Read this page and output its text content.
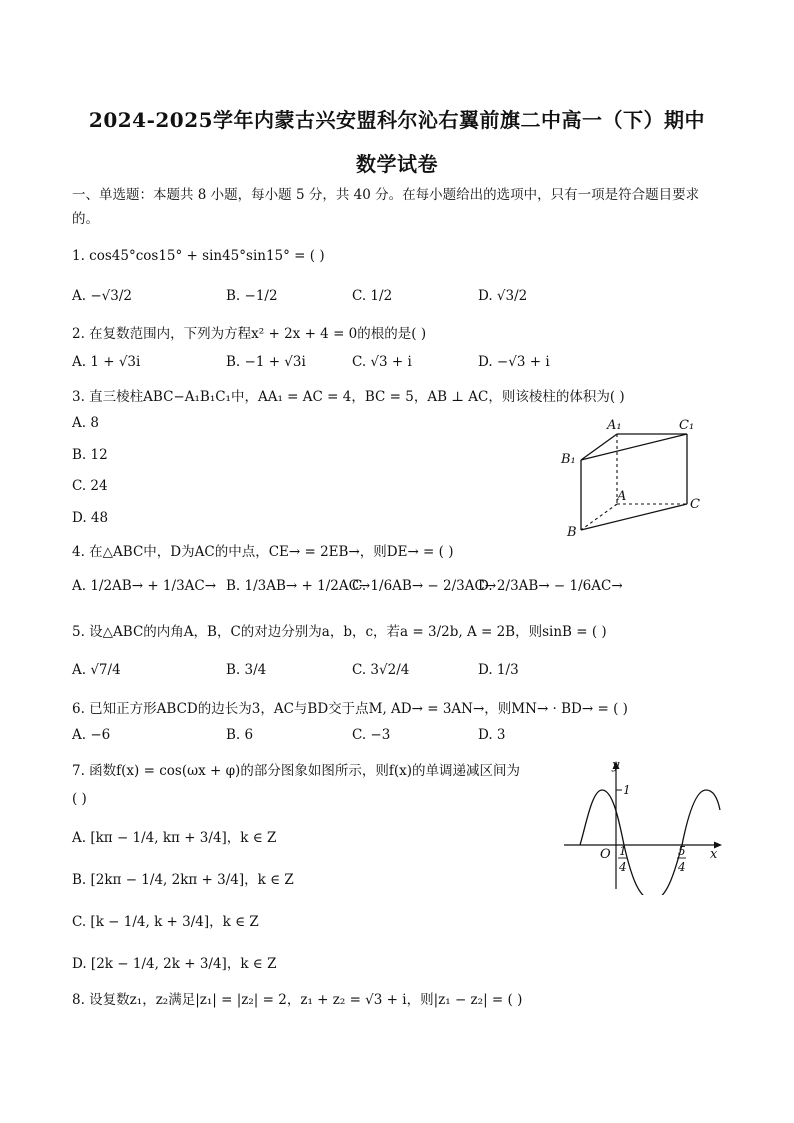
2024-2025学年内蒙古兴安盟科尔沁右翼前旗二中高一（下）期中
数学试卷
一、单选题：本题共 8 小题，每小题 5 分，共 40 分。在每小题给出的选项中，只有一项是符合题目要求的。
1. cos45°cos15° + sin45°sin15° = ( )
A. −√3/2	B. −1/2	C. 1/2	D. √3/2
2. 在复数范围内，下列为方程x² + 2x + 4 = 0的根的是( )
A. 1 + √3i	B. −1 + √3i	C. √3 + i	D. −√3 + i
3. 直三棱柱ABC−A₁B₁C₁中，AA₁ = AC = 4，BC = 5，AB ⊥ AC，则该棱柱的体积为( )
A. 8
B. 12
C. 24
D. 48
A₁	C₁
B₁
A
C
B
4. 在△ABC中，D为AC的中点，CE→ = 2EB→，则DE→ = ( )
A. 1/2AB→ + 1/3AC→ B. 1/3AB→ + 1/2AC→
C. 1/6AB→ − 2/3AC→
D. 2/3AB→ − 1/6AC→
5. 设△ABC的内角A，B，C的对边分别为a，b，c，若a = 3/2b, A = 2B，则sinB = ( )
A. √7/4	B. 3/4	C. 3√2/4	D. 1/3
6. 已知正方形ABCD的边长为3，AC与BD交于点M, AD→ = 3AN→，则MN→ · BD→ = ( )
A. −6	B. 6	C. −3	D. 3
7. 函数f(x) = cos(ωx + φ)的部分图象如图所示，则f(x)的单调递减区间为
( )
A. [kπ − 1/4, kπ + 3/4]，k ∈ Z
B. [2kπ − 1/4, 2kπ + 3/4]，k ∈ Z
C. [k − 1/4, k + 3/4]，k ∈ Z
D. [2k − 1/4, 2k + 3/4]，k ∈ Z
y
1
O 1
4
5
4
x
8. 设复数z₁，z₂满足|z₁| = |z₂| = 2，z₁ + z₂ = √3 + i，则|z₁ − z₂| = ( )
